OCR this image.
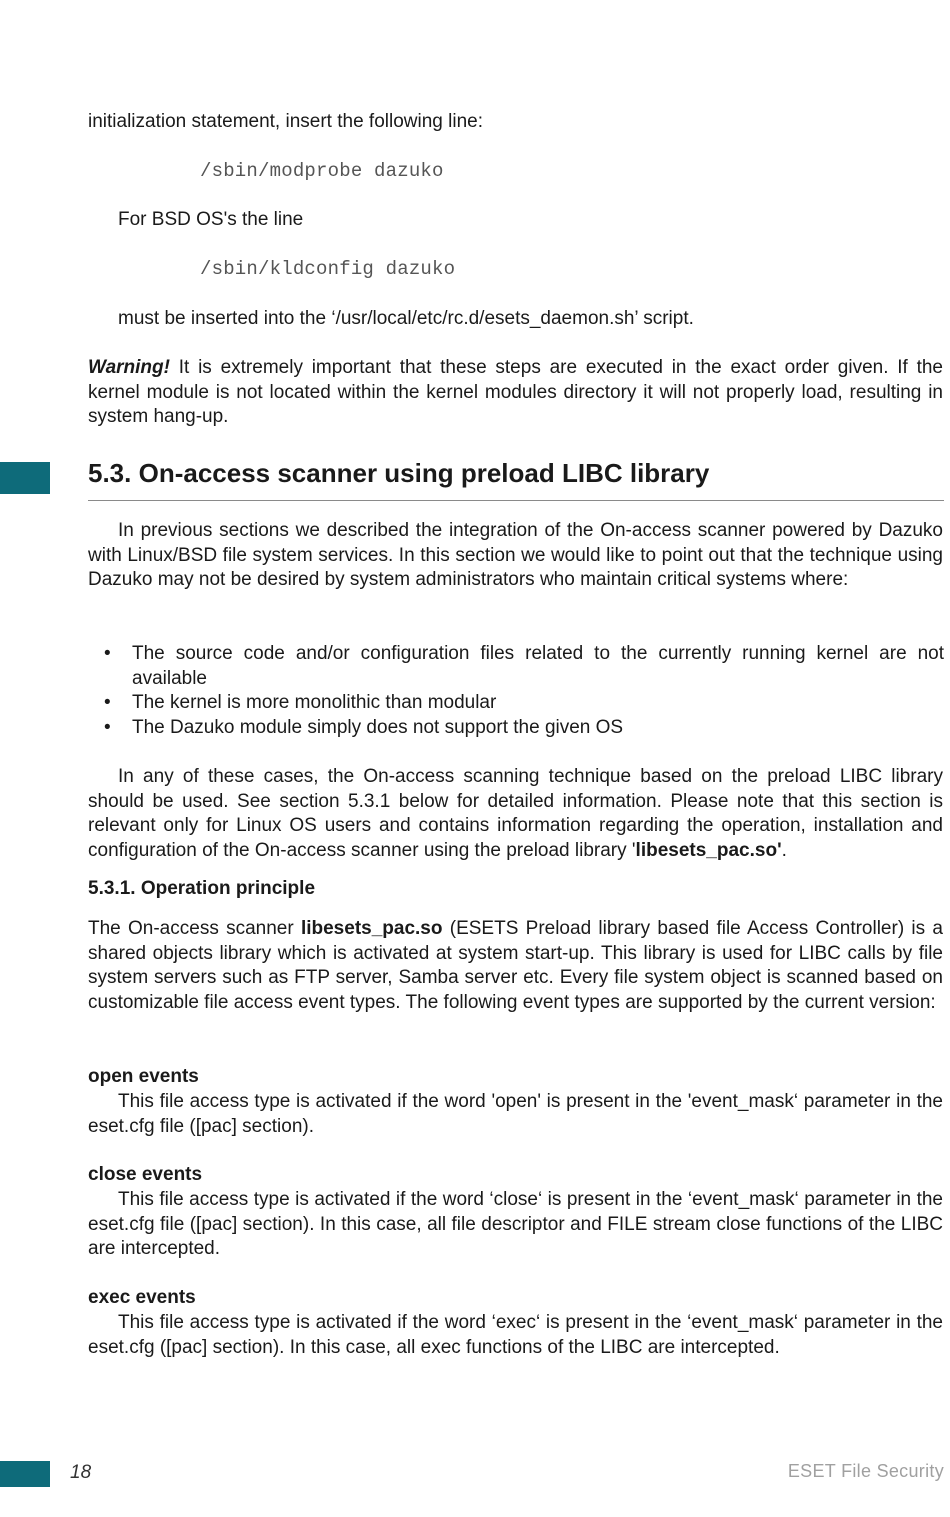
initialization statement, insert the following line:

/sbin/modprobe dazuko

For BSD OS's the line

/sbin/kldconfig dazuko

must be inserted into the ‘/usr/local/etc/rc.d/esets_daemon.sh’ script.

Warning! It is extremely important that these steps are executed in the exact order given. If the kernel module is not located within the kernel modules directory it will not properly load, resulting in system hang-up.

5.3. On-access scanner using preload LIBC library

In previous sections we described the integration of the On-access scanner powered by Dazuko with Linux/BSD file system services. In this section we would like to point out that the technique using Dazuko may not be desired by system administrators who maintain critical systems where:

• The source code and/or configuration files related to the currently running kernel are not available
• The kernel is more monolithic than modular
• The Dazuko module simply does not support the given OS

In any of these cases, the On-access scanning technique based on the preload LIBC library should be used. See section 5.3.1 below for detailed information. Please note that this section is relevant only for Linux OS users and contains information regarding the operation, installation and configuration of the On-access scanner using the preload library 'libesets_pac.so'.

5.3.1. Operation principle

The On-access scanner libesets_pac.so (ESETS Preload library based file Access Controller) is a shared objects library which is activated at system start-up. This library is used for LIBC calls by file system servers such as FTP server, Samba server etc. Every file system object is scanned based on customizable file access event types. The following event types are supported by the current version:

open events

This file access type is activated if the word 'open' is present in the 'event_mask‘ parameter in the eset.cfg file ([pac] section).

close events

This file access type is activated if the word ‘close‘ is present in the ‘event_mask‘ parameter in the eset.cfg file ([pac] section). In this case, all file descriptor and FILE stream close functions of the LIBC are intercepted.

exec events

This file access type is activated if the word ‘exec‘ is present in the ‘event_mask‘ parameter in the eset.cfg ([pac] section). In this case, all exec functions of the LIBC are intercepted.

18	ESET File Security
